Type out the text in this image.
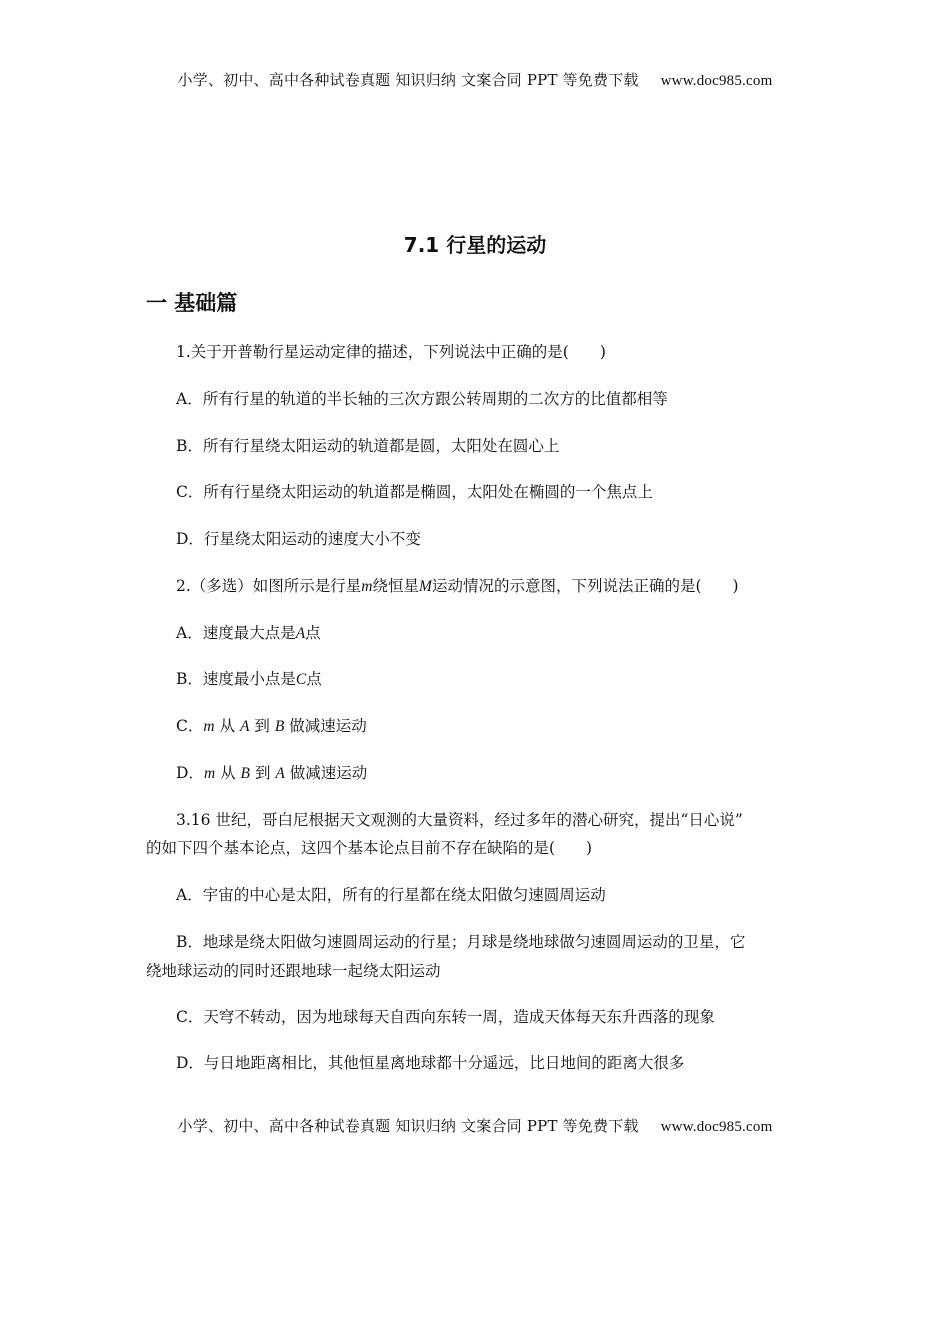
小学、初中、高中各种试卷真题 知识归纳 文案合同 PPT 等免费下载 www.doc985.com
7.1 行星的运动
一 基础篇
1.关于开普勒行星运动定律的描述，下列说法中正确的是(　　)
A．所有行星的轨道的半长轴的三次方跟公转周期的二次方的比值都相等
B．所有行星绕太阳运动的轨道都是圆，太阳处在圆心上
C．所有行星绕太阳运动的轨道都是椭圆，太阳处在椭圆的一个焦点上
D．行星绕太阳运动的速度大小不变
2.（多选）如图所示是行星m绕恒星M运动情况的示意图，下列说法正确的是(　　)
A．速度最大点是A点
B．速度最小点是C点
C．m 从 A 到 B 做减速运动
D．m 从 B 到 A 做减速运动
3.16 世纪，哥白尼根据天文观测的大量资料，经过多年的潜心研究，提出“日心说”
的如下四个基本论点，这四个基本论点目前不存在缺陷的是(　　)
A．宇宙的中心是太阳，所有的行星都在绕太阳做匀速圆周运动
B．地球是绕太阳做匀速圆周运动的行星；月球是绕地球做匀速圆周运动的卫星，它
绕地球运动的同时还跟地球一起绕太阳运动
C．天穹不转动，因为地球每天自西向东转一周，造成天体每天东升西落的现象
D．与日地距离相比，其他恒星离地球都十分遥远，比日地间的距离大很多
小学、初中、高中各种试卷真题 知识归纳 文案合同 PPT 等免费下载 www.doc985.com
